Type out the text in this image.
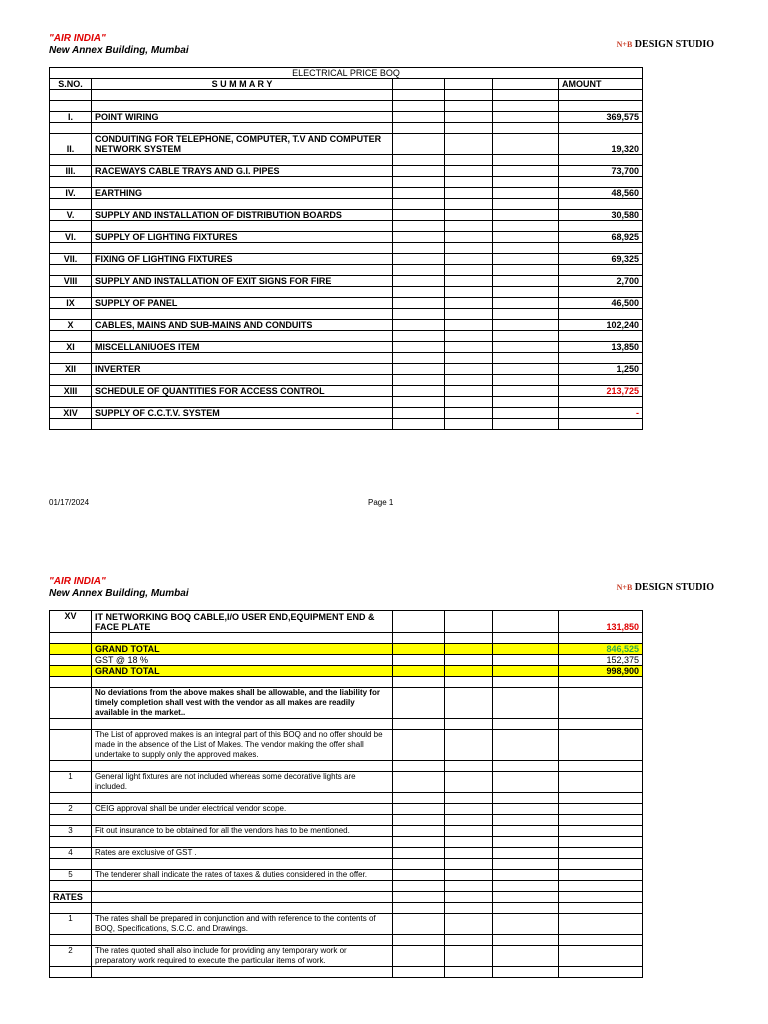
"AIR INDIA"
New Annex Building, Mumbai
N+B DESIGN STUDIO
ELECTRICAL PRICE BOQ					
S.NO.	S U M M A R Y				AMOUNT

I.	POINT WIRING				369,575

II.	CONDUITING FOR TELEPHONE, COMPUTER, T.V AND COMPUTER NETWORK SYSTEM				19,320

III.	RACEWAYS CABLE TRAYS AND G.I. PIPES				73,700

IV.	EARTHING				48,560

V.	SUPPLY AND INSTALLATION OF DISTRIBUTION BOARDS				30,580

VI.	SUPPLY OF LIGHTING FIXTURES				68,925

VII.	FIXING OF LIGHTING FIXTURES				69,325

VIII	SUPPLY AND INSTALLATION OF EXIT SIGNS FOR FIRE				2,700

IX	SUPPLY OF PANEL				46,500

X	CABLES, MAINS AND SUB-MAINS AND CONDUITS				102,240

XI	MISCELLANIUOES ITEM				13,850

XII	INVERTER				1,250

XIII	SCHEDULE OF QUANTITIES FOR ACCESS CONTROL				213,725

XIV	SUPPLY OF C.C.T.V. SYSTEM				-

01/17/2024	Page 1
"AIR INDIA"
New Annex Building, Mumbai
N+B DESIGN STUDIO
XV	IT NETWORKING BOQ CABLE,I/O USER END,EQUIPMENT END & FACE PLATE				131,850

	GRAND TOTAL				846,525
	GST @ 18 %				152,375
	GRAND TOTAL				998,900

	No deviations from the above makes shall be allowable, and the liability for timely completion shall vest with the vendor as all makes are readily available in the market..				

	The List of approved makes is an integral part of this BOQ and no offer should be made in the absence of the List of Makes. The vendor making the offer shall undertake to supply only the approved makes.				

1	General light fixtures are not included whereas some decorative lights are included.				

2	CEIG approval shall be under electrical vendor scope.				

3	Fit out insurance to be obtained for all the vendors has to be mentioned.				

4	Rates are exclusive of GST .				

5	The tenderer shall indicate the rates of taxes & duties considered in the offer.				

RATES					

1	The rates shall be prepared in conjunction and with reference to the contents of BOQ, Specifications, S.C.C. and Drawings.				

2	The rates quoted shall also include for providing any temporary work or preparatory work required to execute the particular items of work.				
